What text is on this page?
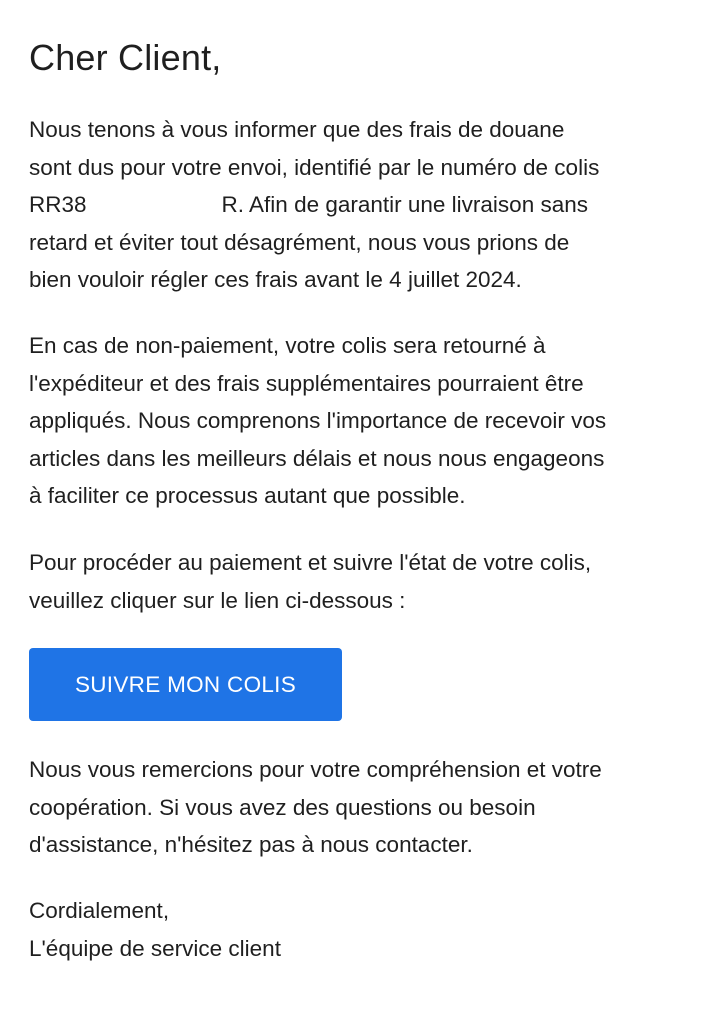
Cher Client,

Nous tenons à vous informer que des frais de douane
sont dus pour votre envoi, identifié par le numéro de colis
RR38	R. Afin de garantir une livraison sans
retard et éviter tout désagrément, nous vous prions de
bien vouloir régler ces frais avant le 4 juillet 2024.

En cas de non-paiement, votre colis sera retourné à
l'expéditeur et des frais supplémentaires pourraient être
appliqués. Nous comprenons l'importance de recevoir vos
articles dans les meilleurs délais et nous nous engageons
à faciliter ce processus autant que possible.

Pour procéder au paiement et suivre l'état de votre colis,
veuillez cliquer sur le lien ci-dessous :

SUIVRE MON COLIS

Nous vous remercions pour votre compréhension et votre
coopération. Si vous avez des questions ou besoin
d'assistance, n'hésitez pas à nous contacter.

Cordialement,
L'équipe de service client
